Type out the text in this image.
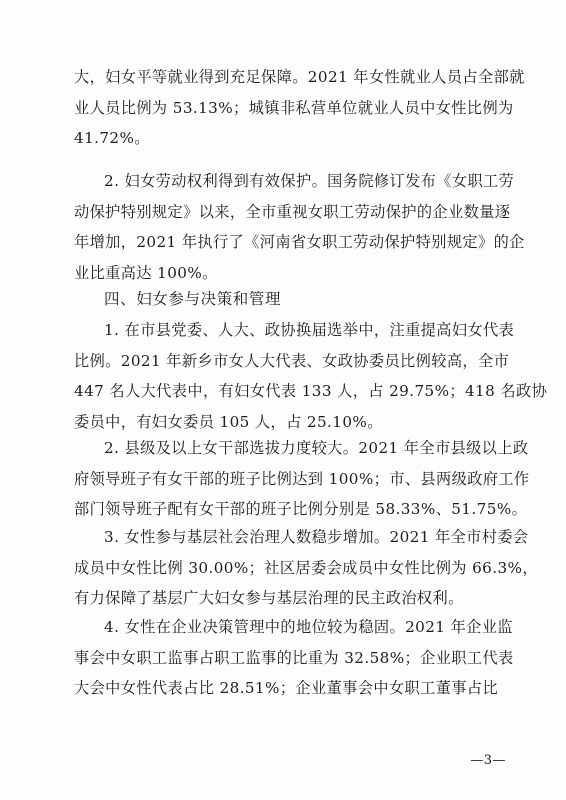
大，妇女平等就业得到充足保障。2021 年女性就业人员占全部就
业人员比例为 53.13%；城镇非私营单位就业人员中女性比例为
41.72%。
2. 妇女劳动权利得到有效保护。国务院修订发布《女职工劳
动保护特别规定》以来，全市重视女职工劳动保护的企业数量逐
年增加，2021 年执行了《河南省女职工劳动保护特别规定》的企
业比重高达 100%。
四、妇女参与决策和管理
1. 在市县党委、人大、政协换届选举中，注重提高妇女代表
比例。2021 年新乡市女人大代表、女政协委员比例较高，全市
447 名人大代表中，有妇女代表 133 人，占 29.75%；418 名政协
委员中，有妇女委员 105 人，占 25.10%。
2. 县级及以上女干部选拔力度较大。2021 年全市县级以上政
府领导班子有女干部的班子比例达到 100%；市、县两级政府工作
部门领导班子配有女干部的班子比例分别是 58.33%、51.75%。
3. 女性参与基层社会治理人数稳步增加。2021 年全市村委会
成员中女性比例 30.00%；社区居委会成员中女性比例为 66.3%，
有力保障了基层广大妇女参与基层治理的民主政治权利。
4. 女性在企业决策管理中的地位较为稳固。2021 年企业监
事会中女职工监事占职工监事的比重为 32.58%；企业职工代表
大会中女性代表占比 28.51%；企业董事会中女职工董事占比
—3—
